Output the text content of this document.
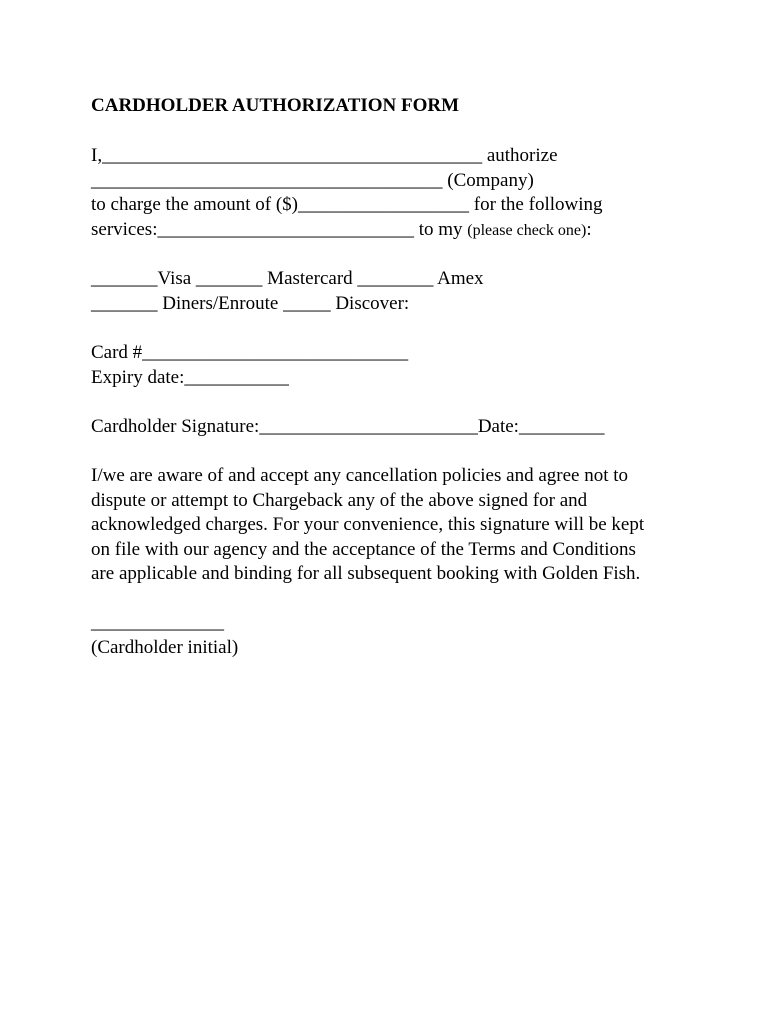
CARDHOLDER AUTHORIZATION FORM
I,________________________________________ authorize
_____________________________________ (Company)
to charge the amount of ($)__________________ for the following
services:___________________________ to my (please check one):
_______Visa _______ Mastercard ________ Amex
_______ Diners/Enroute _____ Discover:
Card #____________________________
Expiry date:___________
Cardholder Signature:_______________________Date:_________
I/we are aware of and accept any cancellation policies and agree not to
dispute or attempt to Chargeback any of the above signed for and
acknowledged charges. For your convenience, this signature will be kept
on file with our agency and the acceptance of the Terms and Conditions
are applicable and binding for all subsequent booking with Golden Fish.
______________
(Cardholder initial)
